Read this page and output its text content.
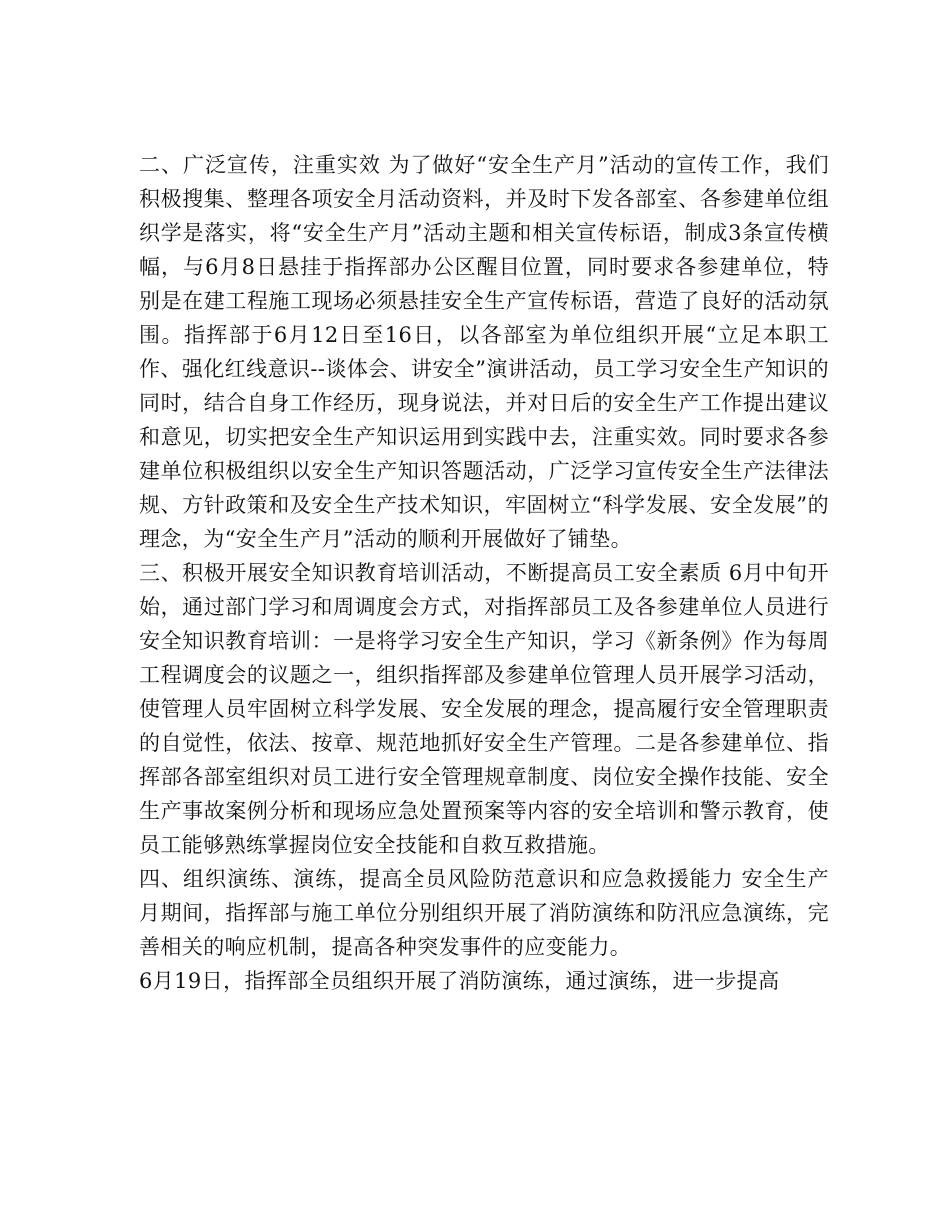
二、广泛宣传，注重实效 为了做好“安全生产月”活动的宣传工作，我们积极搜集、整理各项安全月活动资料，并及时下发各部室、各参建单位组织学是落实，将“安全生产月”活动主题和相关宣传标语，制成3条宣传横幅，与6月8日悬挂于指挥部办公区醒目位置，同时要求各参建单位，特别是在建工程施工现场必须悬挂安全生产宣传标语，营造了良好的活动氛围。指挥部于6月12日至16日，以各部室为单位组织开展“立足本职工作、强化红线意识--谈体会、讲安全”演讲活动，员工学习安全生产知识的同时，结合自身工作经历，现身说法，并对日后的安全生产工作提出建议和意见，切实把安全生产知识运用到实践中去，注重实效。同时要求各参建单位积极组织以安全生产知识答题活动，广泛学习宣传安全生产法律法规、方针政策和及安全生产技术知识，牢固树立“科学发展、安全发展”的理念，为“安全生产月”活动的顺利开展做好了铺垫。

三、积极开展安全知识教育培训活动，不断提高员工安全素质 6月中旬开始，通过部门学习和周调度会方式，对指挥部员工及各参建单位人员进行安全知识教育培训：一是将学习安全生产知识，学习《新条例》作为每周工程调度会的议题之一，组织指挥部及参建单位管理人员开展学习活动，使管理人员牢固树立科学发展、安全发展的理念，提高履行安全管理职责的自觉性，依法、按章、规范地抓好安全生产管理。二是各参建单位、指挥部各部室组织对员工进行安全管理规章制度、岗位安全操作技能、安全生产事故案例分析和现场应急处置预案等内容的安全培训和警示教育，使员工能够熟练掌握岗位安全技能和自救互救措施。

四、组织演练、演练，提高全员风险防范意识和应急救援能力 安全生产月期间，指挥部与施工单位分别组织开展了消防演练和防汛应急演练，完善相关的响应机制，提高各种突发事件的应变能力。

6月19日，指挥部全员组织开展了消防演练，通过演练，进一步提高
